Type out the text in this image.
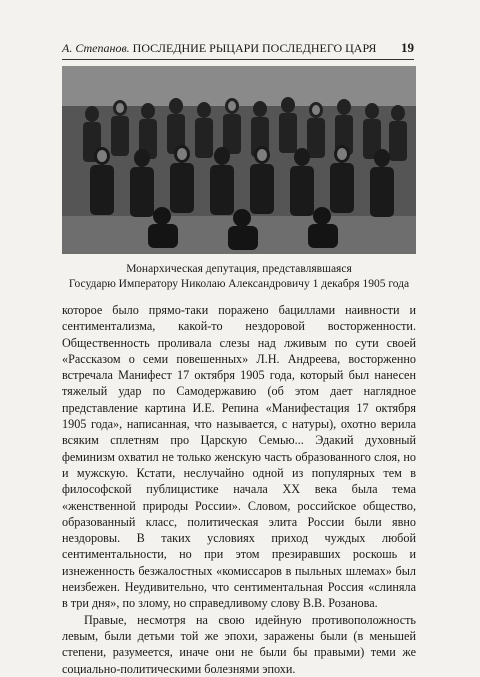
А. Степанов. ПОСЛЕДНИЕ РЫЦАРИ ПОСЛЕДНЕГО ЦАРЯ 19
Монархическая депутация, представлявшаяся
Государю Императору Николаю Александровичу 1 декабря 1905 года

которое было прямо-таки поражено бациллами наивности и сентиментализма, какой-то нездоровой восторженности. Общественность проливала слезы над лживым по сути своей «Рассказом о семи повешенных» Л.Н. Андреева, восторженно встречала Манифест 17 октября 1905 года, который был нанесен тяжелый удар по Самодержавию (об этом дает наглядное представление картина И.Е. Репина «Манифестация 17 октября 1905 года», написанная, что называется, с натуры), охотно верила всяким сплетням про Царскую Семью... Эдакий духовный феминизм охватил не только женскую часть образованного слоя, но и мужскую. Кстати, неслучайно одной из популярных тем в философской публицистике начала XX века была тема «женственной природы России». Словом, российское общество, образованный класс, политическая элита России были явно нездоровы. В таких условиях приход чуждых любой сентиментальности, но при этом презиравших роскошь и изнеженность безжалостных «комиссаров в пыльных шлемах» был неизбежен. Неудивительно, что сентиментальная Россия «слиняла в три дня», по злому, но справедливому слову В.В. Розанова.

Правые, несмотря на свою идейную противоположность левым, были детьми той же эпохи, заражены были (в меньшей степени, разумеется, иначе они не были бы правыми) теми же социально-политическими болезнями эпохи.
